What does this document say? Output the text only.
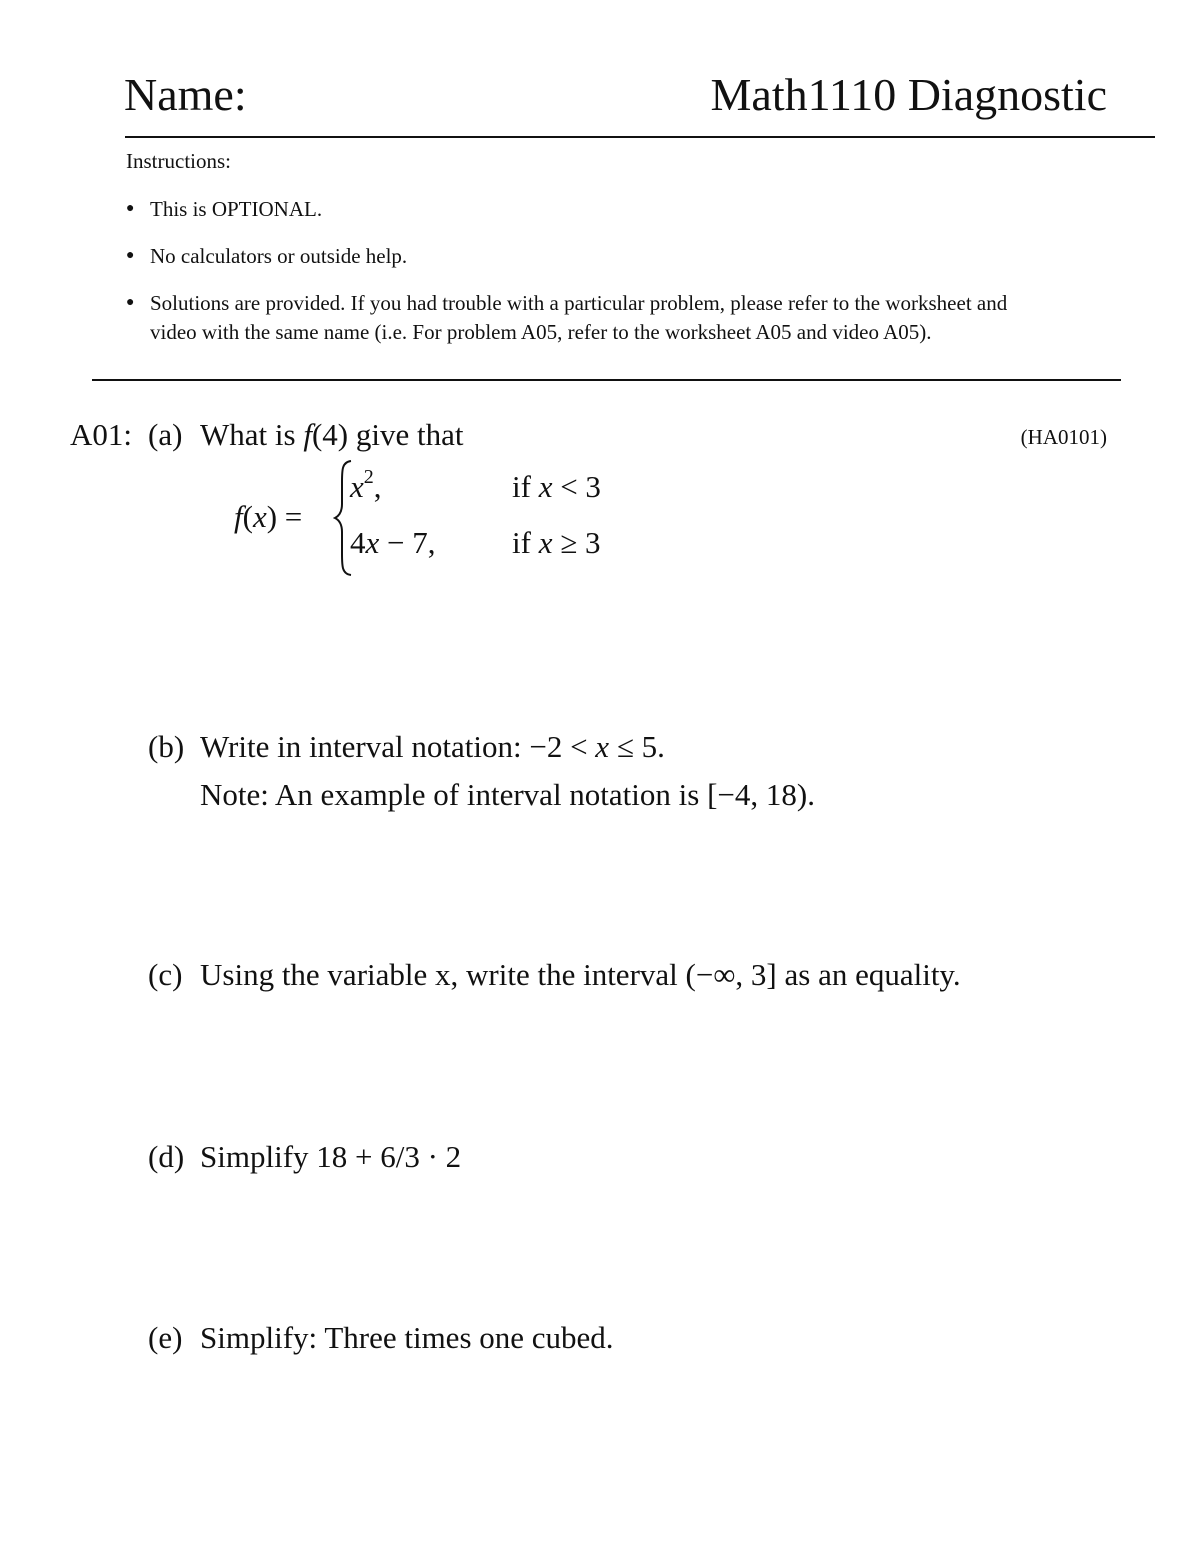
Name:	Math1110 Diagnostic
Instructions:
● This is OPTIONAL.
● No calculators or outside help.
● Solutions are provided. If you had trouble with a particular problem, please refer to the worksheet and
video with the same name (i.e. For problem A05, refer to the worksheet A05 and video A05).
A01:	(HA0101)
(a) What is f(4) give that
f(x) =
$x^2$,	if x < 3
4x − 7, if x ≥ 3
(b) Write in interval notation: −2 < x ≤ 5.
Note: An example of interval notation is [−4, 18).
(c) Using the variable x, write the interval (−∞, 3] as an equality.
(d) Simplify 18 + 6/3 · 2
(e) Simplify: Three times one cubed.
